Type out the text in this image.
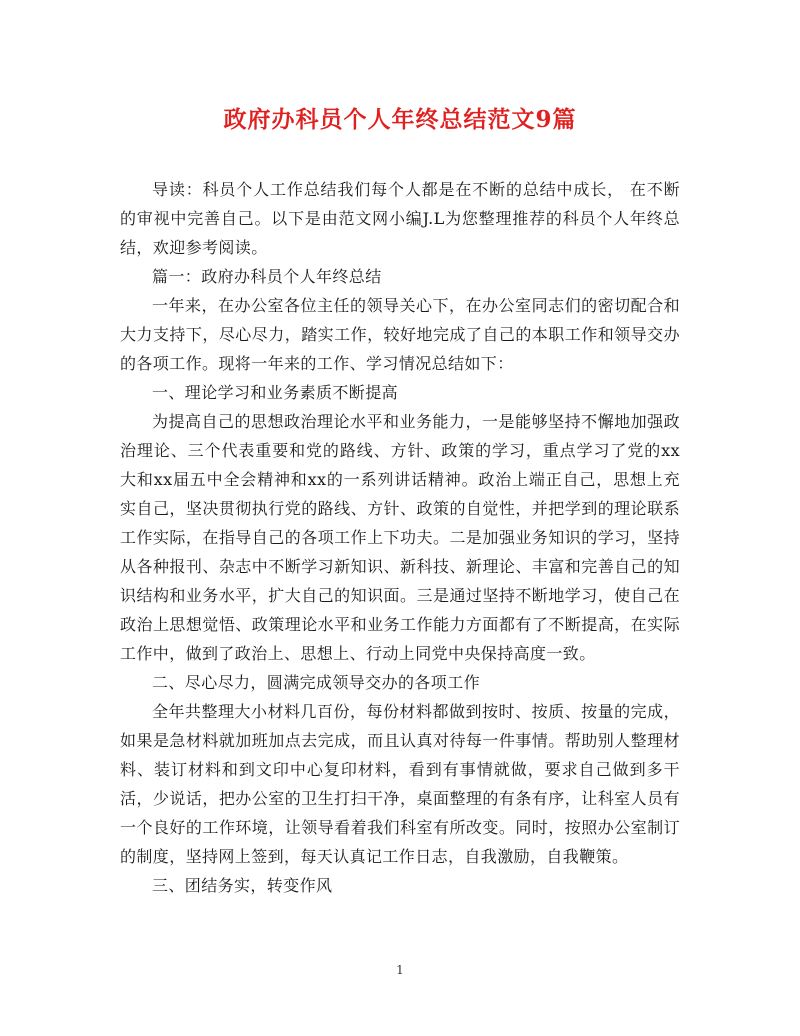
政府办科员个人年终总结范文9篇

导读：科员个人工作总结我们每个人都是在不断的总结中成长， 在不断的审视中完善自己。以下是由范文网小编J.L为您整理推荐的科员个人年终总结，欢迎参考阅读。

篇一：政府办科员个人年终总结

一年来，在办公室各位主任的领导关心下，在办公室同志们的密切配合和大力支持下，尽心尽力，踏实工作，较好地完成了自己的本职工作和领导交办的各项工作。现将一年来的工作、学习情况总结如下：

一、理论学习和业务素质不断提高

为提高自己的思想政治理论水平和业务能力，一是能够坚持不懈地加强政治理论、三个代表重要和党的路线、方针、政策的学习，重点学习了党的xx大和xx届五中全会精神和xx的一系列讲话精神。政治上端正自己，思想上充实自己，坚决贯彻执行党的路线、方针、政策的自觉性，并把学到的理论联系工作实际，在指导自己的各项工作上下功夫。二是加强业务知识的学习，坚持从各种报刊、杂志中不断学习新知识、新科技、新理论、丰富和完善自己的知识结构和业务水平，扩大自己的知识面。三是通过坚持不断地学习，使自己在政治上思想觉悟、政策理论水平和业务工作能力方面都有了不断提高，在实际工作中，做到了政治上、思想上、行动上同党中央保持高度一致。

二、尽心尽力，圆满完成领导交办的各项工作

全年共整理大小材料几百份，每份材料都做到按时、按质、按量的完成，如果是急材料就加班加点去完成，而且认真对待每一件事情。帮助别人整理材料、装订材料和到文印中心复印材料，看到有事情就做，要求自己做到多干活，少说话，把办公室的卫生打扫干净，桌面整理的有条有序，让科室人员有一个良好的工作环境，让领导看着我们科室有所改变。同时，按照办公室制订的制度，坚持网上签到，每天认真记工作日志，自我激励，自我鞭策。

三、团结务实，转变作风

1
